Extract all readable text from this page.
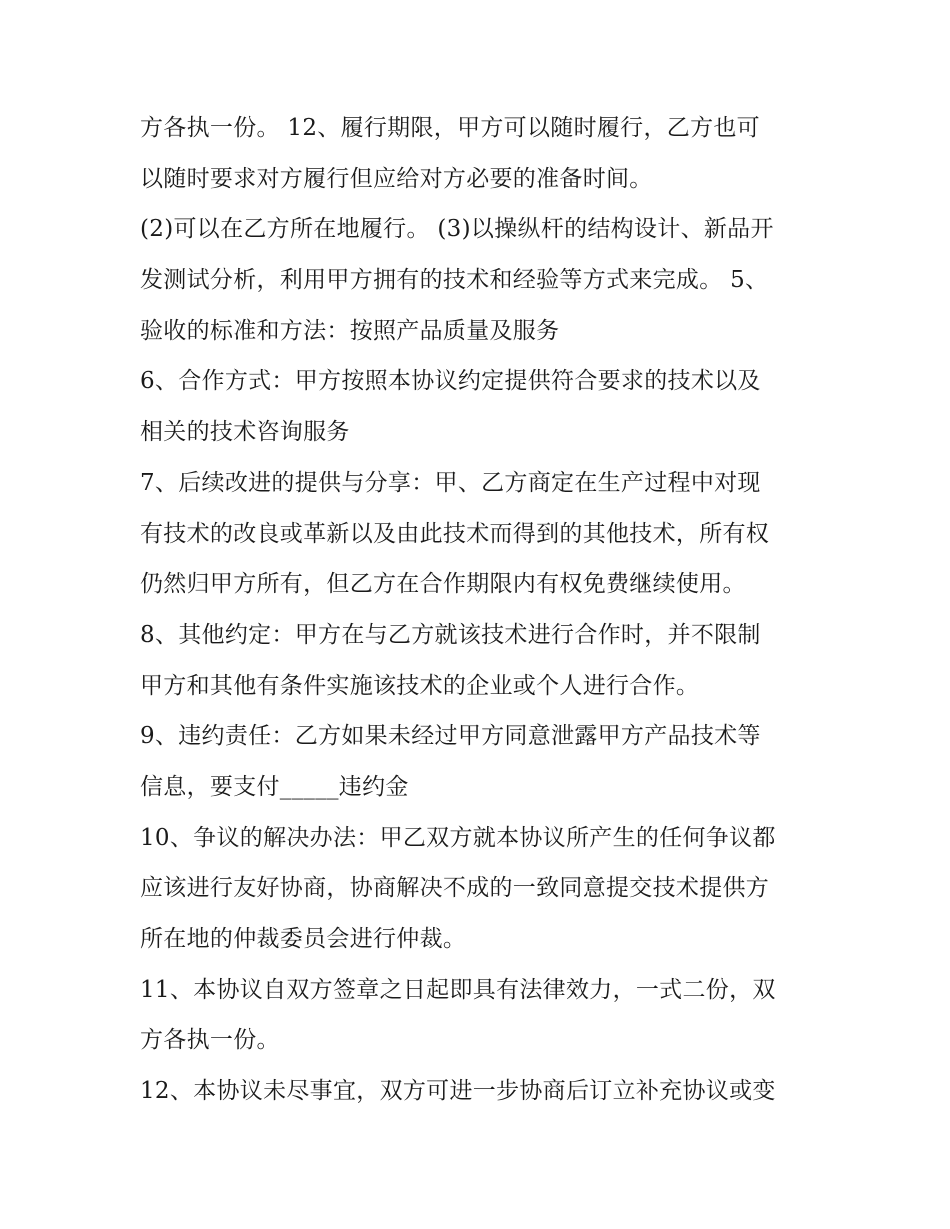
方各执一份。 12、履行期限，甲方可以随时履行，乙方也可
以随时要求对方履行但应给对方必要的准备时间。
(2)可以在乙方所在地履行。 (3)以操纵杆的结构设计、新品开
发测试分析，利用甲方拥有的技术和经验等方式来完成。 5、
验收的标准和方法：按照产品质量及服务
6、合作方式：甲方按照本协议约定提供符合要求的技术以及
相关的技术咨询服务
7、后续改进的提供与分享：甲、乙方商定在生产过程中对现
有技术的改良或革新以及由此技术而得到的其他技术，所有权
仍然归甲方所有，但乙方在合作期限内有权免费继续使用。
8、其他约定：甲方在与乙方就该技术进行合作时，并不限制
甲方和其他有条件实施该技术的企业或个人进行合作。
9、违约责任：乙方如果未经过甲方同意泄露甲方产品技术等
信息，要支付_____违约金
10、争议的解决办法：甲乙双方就本协议所产生的任何争议都
应该进行友好协商，协商解决不成的一致同意提交技术提供方
所在地的仲裁委员会进行仲裁。
11、本协议自双方签章之日起即具有法律效力，一式二份，双
方各执一份。
12、本协议未尽事宜，双方可进一步协商后订立补充协议或变
